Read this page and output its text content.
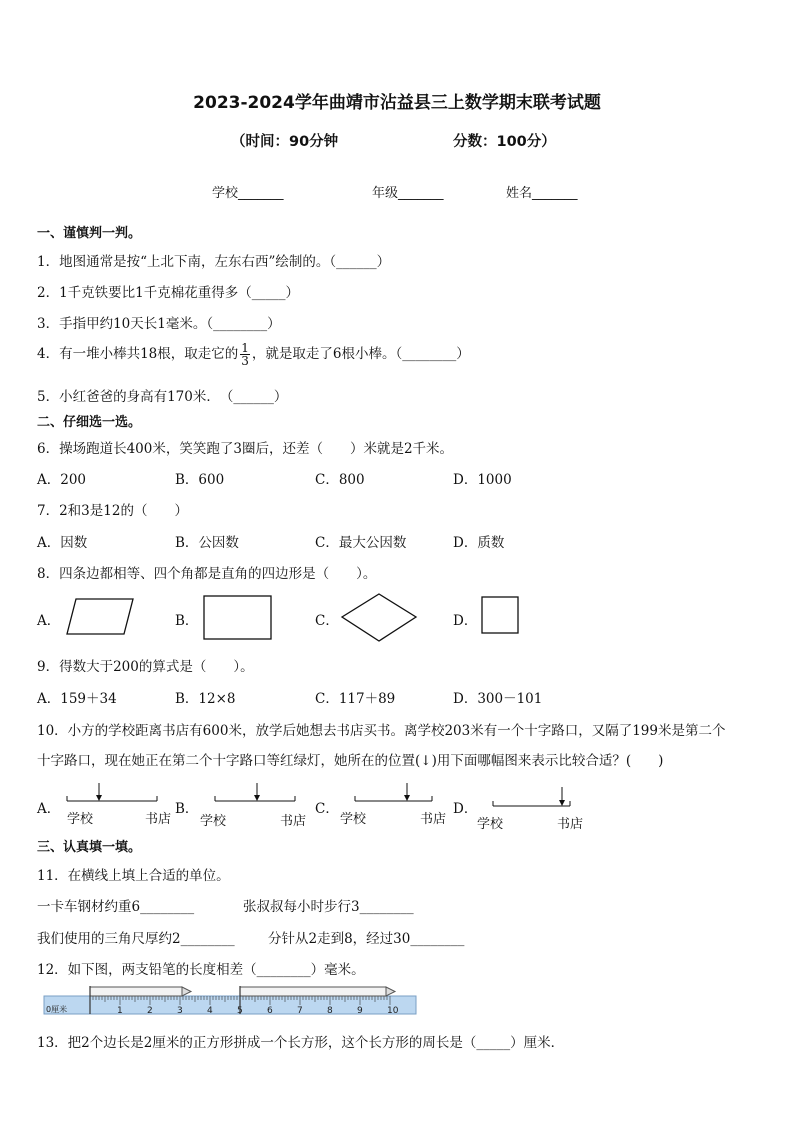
2023-2024学年曲靖市沾益县三上数学期末联考试题
（时间：90分钟	分数：100分）
学校_______	年级_______	姓名_______
一、谨慎判一判。
1．地图通常是按“上北下南，左东右西”绘制的。（______）
2．1千克铁要比1千克棉花重得多（_____）
3．手指甲约10天长1毫米。（________）
4．有一堆小棒共18根，取走它的 $\frac{1}{3}$ ，就是取走了6根小棒。（________）
5．小红爸爸的身高有170米．　（______）
二、仔细选一选。
6．操场跑道长400米，笑笑跑了3圈后，还差（　　）米就是2千米。
A．200	B．600	C．800	D．1000
7．2和3是12的（　　）
A．因数	B．公因数	C．最大公因数	D．质数
8．四条边都相等、四个角都是直角的四边形是（　　）。
A．	B．	C．	D．
9．得数大于200的算式是（　　）。
A．159＋34	B．12×8	C．117＋89	D．300－101
10．小方的学校距离书店有600米，放学后她想去书店买书。离学校203米有一个十字路口，又隔了199米是第二个
十字路口，现在她正在第二个十字路口等红绿灯，她所在的位置(↓)用下面哪幅图来表示比较合适？(　　)
A．	B．	C．	D．
学校	书店 学校	书店	学校	书店 学校	书店
三、认真填一填。
11．在横线上填上合适的单位。
一卡车钢材约重6________	张叔叔每小时步行3________
我们使用的三角尺厚约2________ 分针从2走到8，经过30________
12．如下图，两支铅笔的长度相差（________）毫米。
0厘米	1	2	3	4	5	6	7	8	9	10
13．把2个边长是2厘米的正方形拼成一个长方形，这个长方形的周长是（_____）厘米．
